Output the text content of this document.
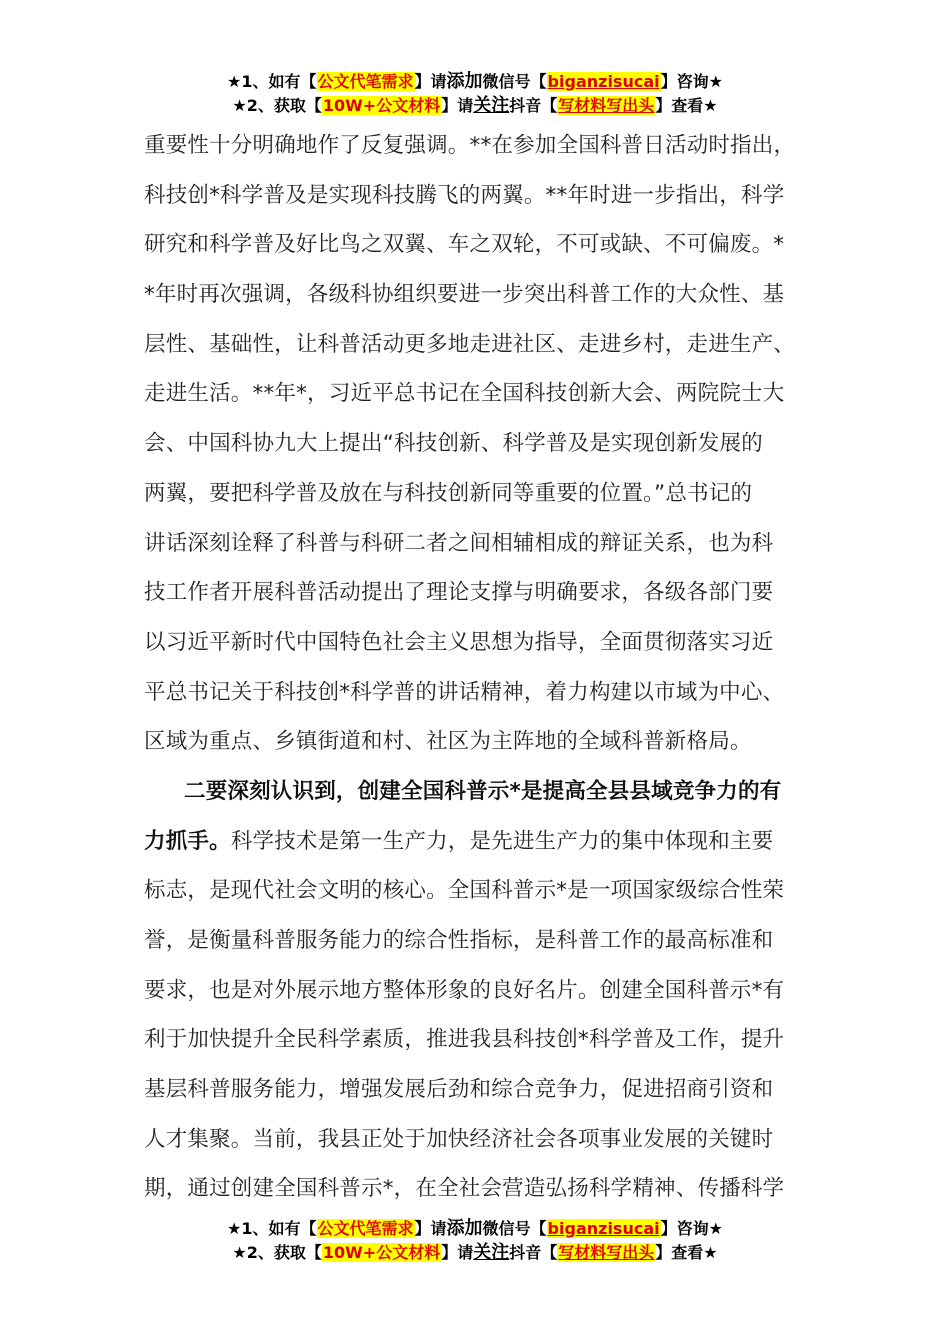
★1、如有【公文代笔需求】请添加微信号【biganzisucai】咨询★
★2、获取【10W+公文材料】请关注抖音【写材料写出头】查看★
重要性十分明确地作了反复强调。**在参加全国科普日活动时指出，
科技创*科学普及是实现科技腾飞的两翼。**年时进一步指出，科学
研究和科学普及好比鸟之双翼、车之双轮，不可或缺、不可偏废。*
*年时再次强调，各级科协组织要进一步突出科普工作的大众性、基
层性、基础性，让科普活动更多地走进社区、走进乡村，走进生产、
走进生活。**年*，习近平总书记在全国科技创新大会、两院院士大
会、中国科协九大上提出“科技创新、科学普及是实现创新发展的
两翼，要把科学普及放在与科技创新同等重要的位置。”总书记的
讲话深刻诠释了科普与科研二者之间相辅相成的辩证关系，也为科
技工作者开展科普活动提出了理论支撑与明确要求，各级各部门要
以习近平新时代中国特色社会主义思想为指导，全面贯彻落实习近
平总书记关于科技创*科学普的讲话精神，着力构建以市域为中心、
区域为重点、乡镇街道和村、社区为主阵地的全域科普新格局。
二要深刻认识到，创建全国科普示*是提高全县县域竞争力的有
力抓手。科学技术是第一生产力，是先进生产力的集中体现和主要
标志，是现代社会文明的核心。全国科普示*是一项国家级综合性荣
誉，是衡量科普服务能力的综合性指标，是科普工作的最高标准和
要求，也是对外展示地方整体形象的良好名片。创建全国科普示*有
利于加快提升全民科学素质，推进我县科技创*科学普及工作，提升
基层科普服务能力，增强发展后劲和综合竞争力，促进招商引资和
人才集聚。当前，我县正处于加快经济社会各项事业发展的关键时
期，通过创建全国科普示*，在全社会营造弘扬科学精神、传播科学
★1、如有【公文代笔需求】请添加微信号【biganzisucai】咨询★
★2、获取【10W+公文材料】请关注抖音【写材料写出头】查看★
